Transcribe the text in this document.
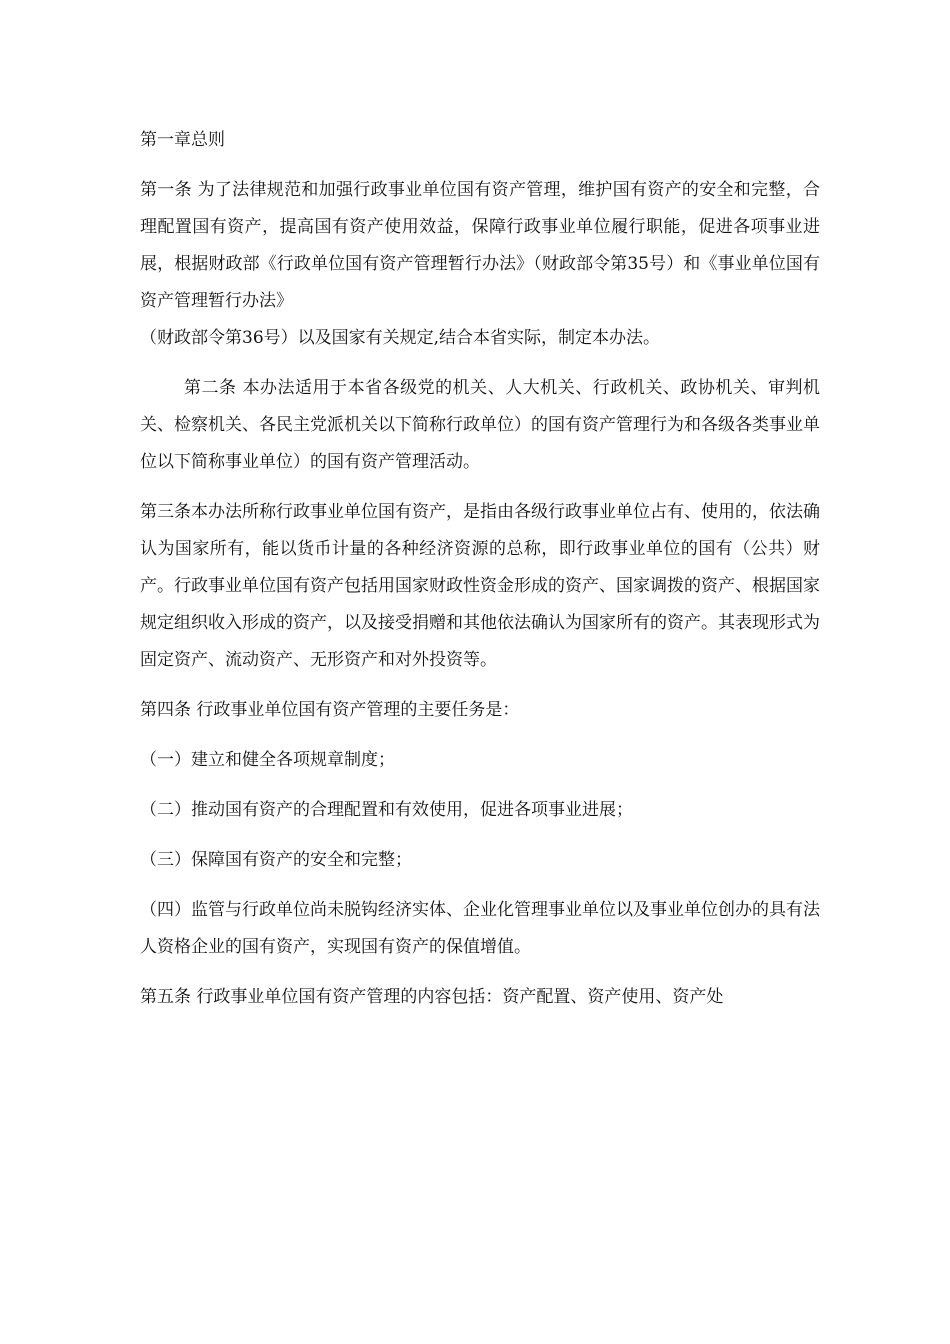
第一章总则

第一条 为了法律规范和加强行政事业单位国有资产管理，维护国有资产的安全和完整，合理配置国有资产，提高国有资产使用效益，保障行政事业单位履行职能，促进各项事业进展，根据财政部《行政单位国有资产管理暂行办法》（财政部令第35号）和《事业单位国有资产管理暂行办法》

（财政部令第36号）以及国家有关规定,结合本省实际，制定本办法。

第二条 本办法适用于本省各级党的机关、人大机关、行政机关、政协机关、审判机关、检察机关、各民主党派机关以下简称行政单位）的国有资产管理行为和各级各类事业单位以下简称事业单位）的国有资产管理活动。

第三条本办法所称行政事业单位国有资产，是指由各级行政事业单位占有、使用的，依法确认为国家所有，能以货币计量的各种经济资源的总称，即行政事业单位的国有（公共）财产。行政事业单位国有资产包括用国家财政性资金形成的资产、国家调拨的资产、根据国家规定组织收入形成的资产，以及接受捐赠和其他依法确认为国家所有的资产。其表现形式为固定资产、流动资产、无形资产和对外投资等。

第四条 行政事业单位国有资产管理的主要任务是：

（一）建立和健全各项规章制度；

（二）推动国有资产的合理配置和有效使用，促进各项事业进展；

（三）保障国有资产的安全和完整；

（四）监管与行政单位尚未脱钩经济实体、企业化管理事业单位以及事业单位创办的具有法人资格企业的国有资产，实现国有资产的保值增值。

第五条 行政事业单位国有资产管理的内容包括：资产配置、资产使用、资产处
